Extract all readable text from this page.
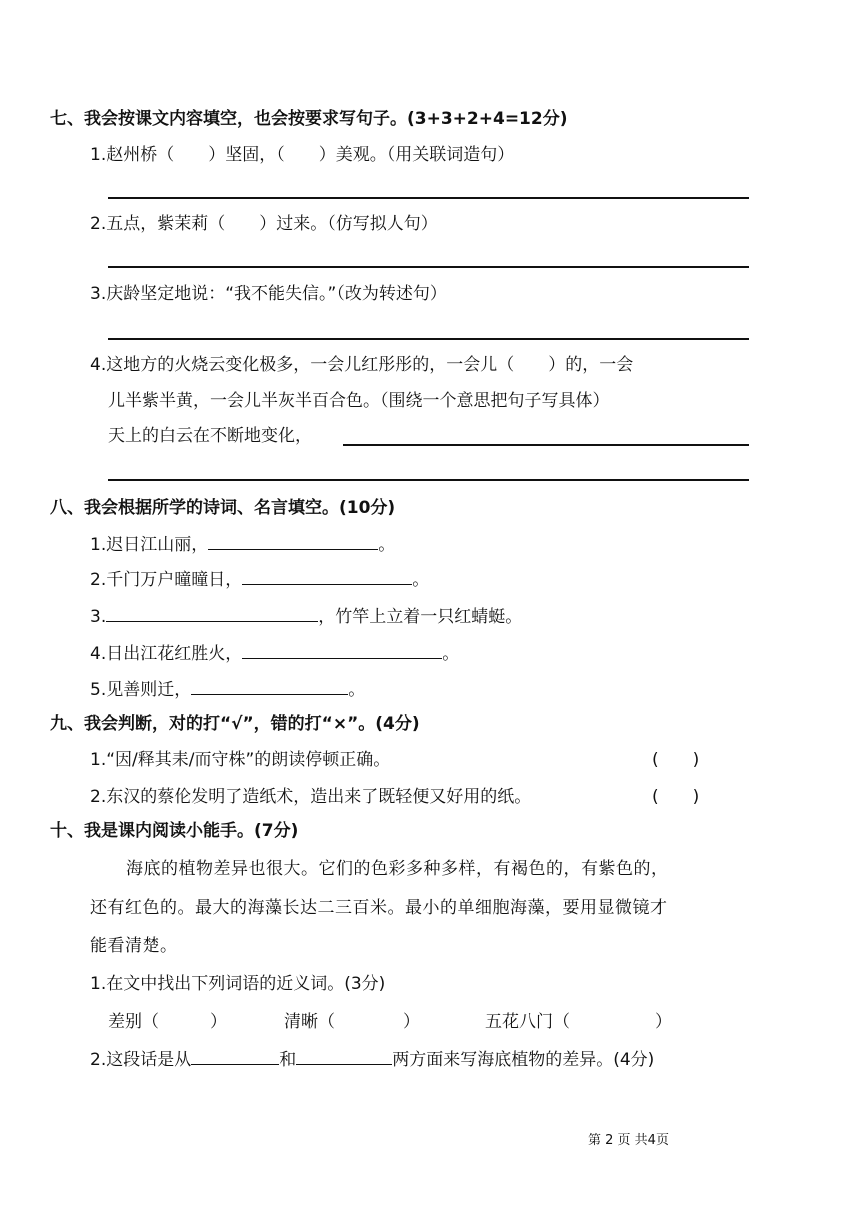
七、我会按课文内容填空，也会按要求写句子。(3+3+2+4=12分)
1.赵州桥（　　）坚固，（　　）美观。（用关联词造句）
2.五点，紫茉莉（　　）过来。（仿写拟人句）
3.庆龄坚定地说：“我不能失信。”（改为转述句）
4.这地方的火烧云变化极多，一会儿红彤彤的，一会儿（　　）的，一会
儿半紫半黄，一会儿半灰半百合色。（围绕一个意思把句子写具体）
天上的白云在不断地变化，
八、我会根据所学的诗词、名言填空。(10分)
1.迟日江山丽，	。
2.千门万户曈曈日，	。
3.	，竹竿上立着一只红蜻蜓。
4.日出江花红胜火，	。
5.见善则迁，	。
九、我会判断，对的打“√”，错的打“×”。(4分)
1.“因/释其耒/而守株”的朗读停顿正确。	(　　)
2.东汉的蔡伦发明了造纸术，造出来了既轻便又好用的纸。	(　　)
十、我是课内阅读小能手。(7分)
海底的植物差异也很大。它们的色彩多种多样，有褐色的，有紫色的，
还有红色的。最大的海藻长达二三百米。最小的单细胞海藻，要用显微镜才
能看清楚。
1.在文中找出下列词语的近义词。(3分)
差别（　　　）	清晰（　　　　）	五花八门（　　　　　）
2.这段话是从	和	两方面来写海底植物的差异。(4分)
第 2 页 共4页
